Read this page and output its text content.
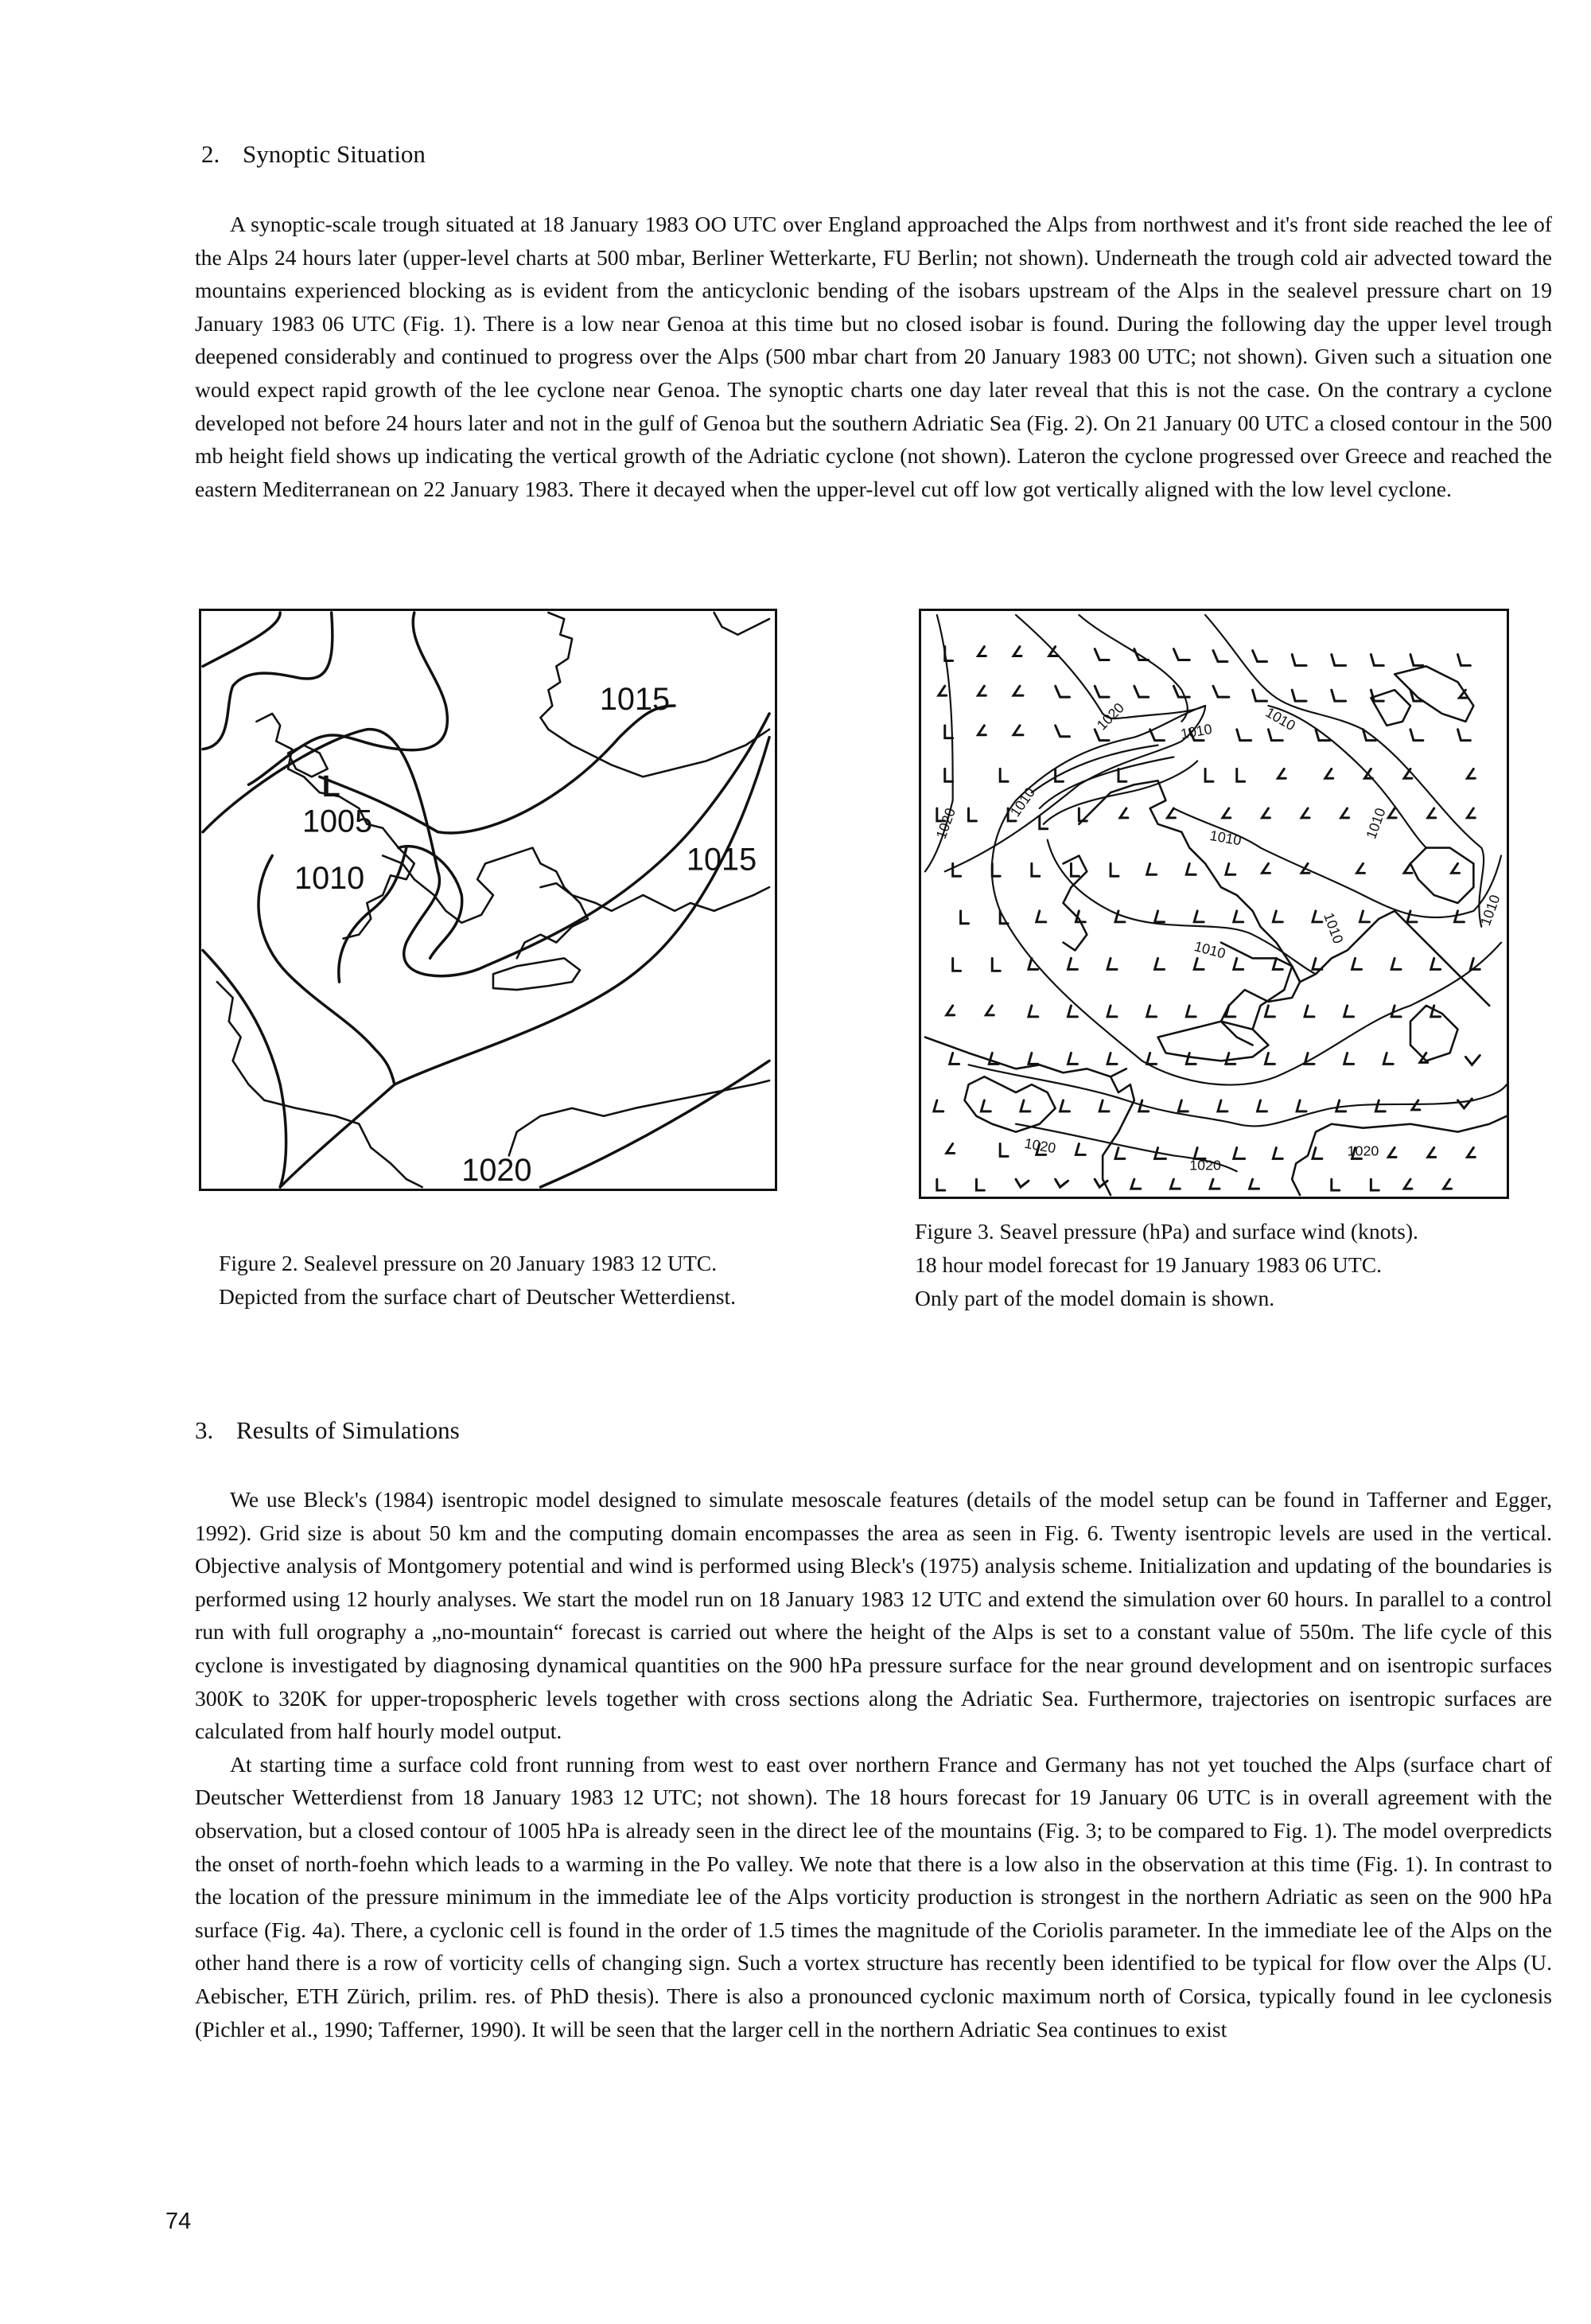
2. Synoptic Situation

A synoptic-scale trough situated at 18 January 1983 OO UTC over England approached the Alps from northwest and it's front side reached the lee of the Alps 24 hours later (upper-level charts at 500 mbar, Berliner Wetterkarte, FU Berlin; not shown). Underneath the trough cold air advected toward the mountains experienced blocking as is evident from the anticyclonic bending of the isobars upstream of the Alps in the sealevel pressure chart on 19 January 1983 06 UTC (Fig. 1). There is a low near Genoa at this time but no closed isobar is found. During the following day the upper level trough deepened considerably and continued to progress over the Alps (500 mbar chart from 20 January 1983 00 UTC; not shown). Given such a situation one would expect rapid growth of the lee cyclone near Genoa. The synoptic charts one day later reveal that this is not the case. On the contrary a cyclone developed not before 24 hours later and not in the gulf of Genoa but the southern Adriatic Sea (Fig. 2). On 21 January 00 UTC a closed contour in the 500 mb height field shows up indicating the vertical growth of the Adriatic cyclone (not shown). Lateron the cyclone progressed over Greece and reached the eastern Mediterranean on 22 January 1983. There it decayed when the upper-level cut off low got vertically aligned with the low level cyclone.

L
1005
1010
1015
1015
1020
1020	1010	1010
1010
1020	1010	1010
1010
1010
1010
1020
1020
1020
Figure 2. Sealevel pressure on 20 January 1983 12 UTC.
Depicted from the surface chart of Deutscher Wetterdienst.
Figure 3. Seavel pressure (hPa) and surface wind (knots).
18 hour model forecast for 19 January 1983 06 UTC.
Only part of the model domain is shown.
3. Results of Simulations

We use Bleck's (1984) isentropic model designed to simulate mesoscale features (details of the model setup can be found in Tafferner and Egger, 1992). Grid size is about 50 km and the computing domain encompasses the area as seen in Fig. 6. Twenty isentropic levels are used in the vertical. Objective analysis of Montgomery potential and wind is performed using Bleck's (1975) analysis scheme. Initialization and updating of the boundaries is performed using 12 hourly analyses. We start the model run on 18 January 1983 12 UTC and extend the simulation over 60 hours. In parallel to a control run with full orography a „no-mountain“ forecast is carried out where the height of the Alps is set to a constant value of 550m. The life cycle of this cyclone is investigated by diagnosing dynamical quantities on the 900 hPa pressure surface for the near ground development and on isentropic surfaces 300K to 320K for upper-tropospheric levels together with cross sections along the Adriatic Sea. Furthermore, trajectories on isentropic surfaces are calculated from half hourly model output.

At starting time a surface cold front running from west to east over northern France and Germany has not yet touched the Alps (surface chart of Deutscher Wetterdienst from 18 January 1983 12 UTC; not shown). The 18 hours forecast for 19 January 06 UTC is in overall agreement with the observation, but a closed contour of 1005 hPa is already seen in the direct lee of the mountains (Fig. 3; to be compared to Fig. 1). The model overpredicts the onset of north-foehn which leads to a warming in the Po valley. We note that there is a low also in the observation at this time (Fig. 1). In contrast to the location of the pressure minimum in the immediate lee of the Alps vorticity production is strongest in the northern Adriatic as seen on the 900 hPa surface (Fig. 4a). There, a cyclonic cell is found in the order of 1.5 times the magnitude of the Coriolis parameter. In the immediate lee of the Alps on the other hand there is a row of vorticity cells of changing sign. Such a vortex structure has recently been identified to be typical for flow over the Alps (U. Aebischer, ETH Zürich, prilim. res. of PhD thesis). There is also a pronounced cyclonic maximum north of Corsica, typically found in lee cyclonesis (Pichler et al., 1990; Tafferner, 1990). It will be seen that the larger cell in the northern Adriatic Sea continues to exist

74
